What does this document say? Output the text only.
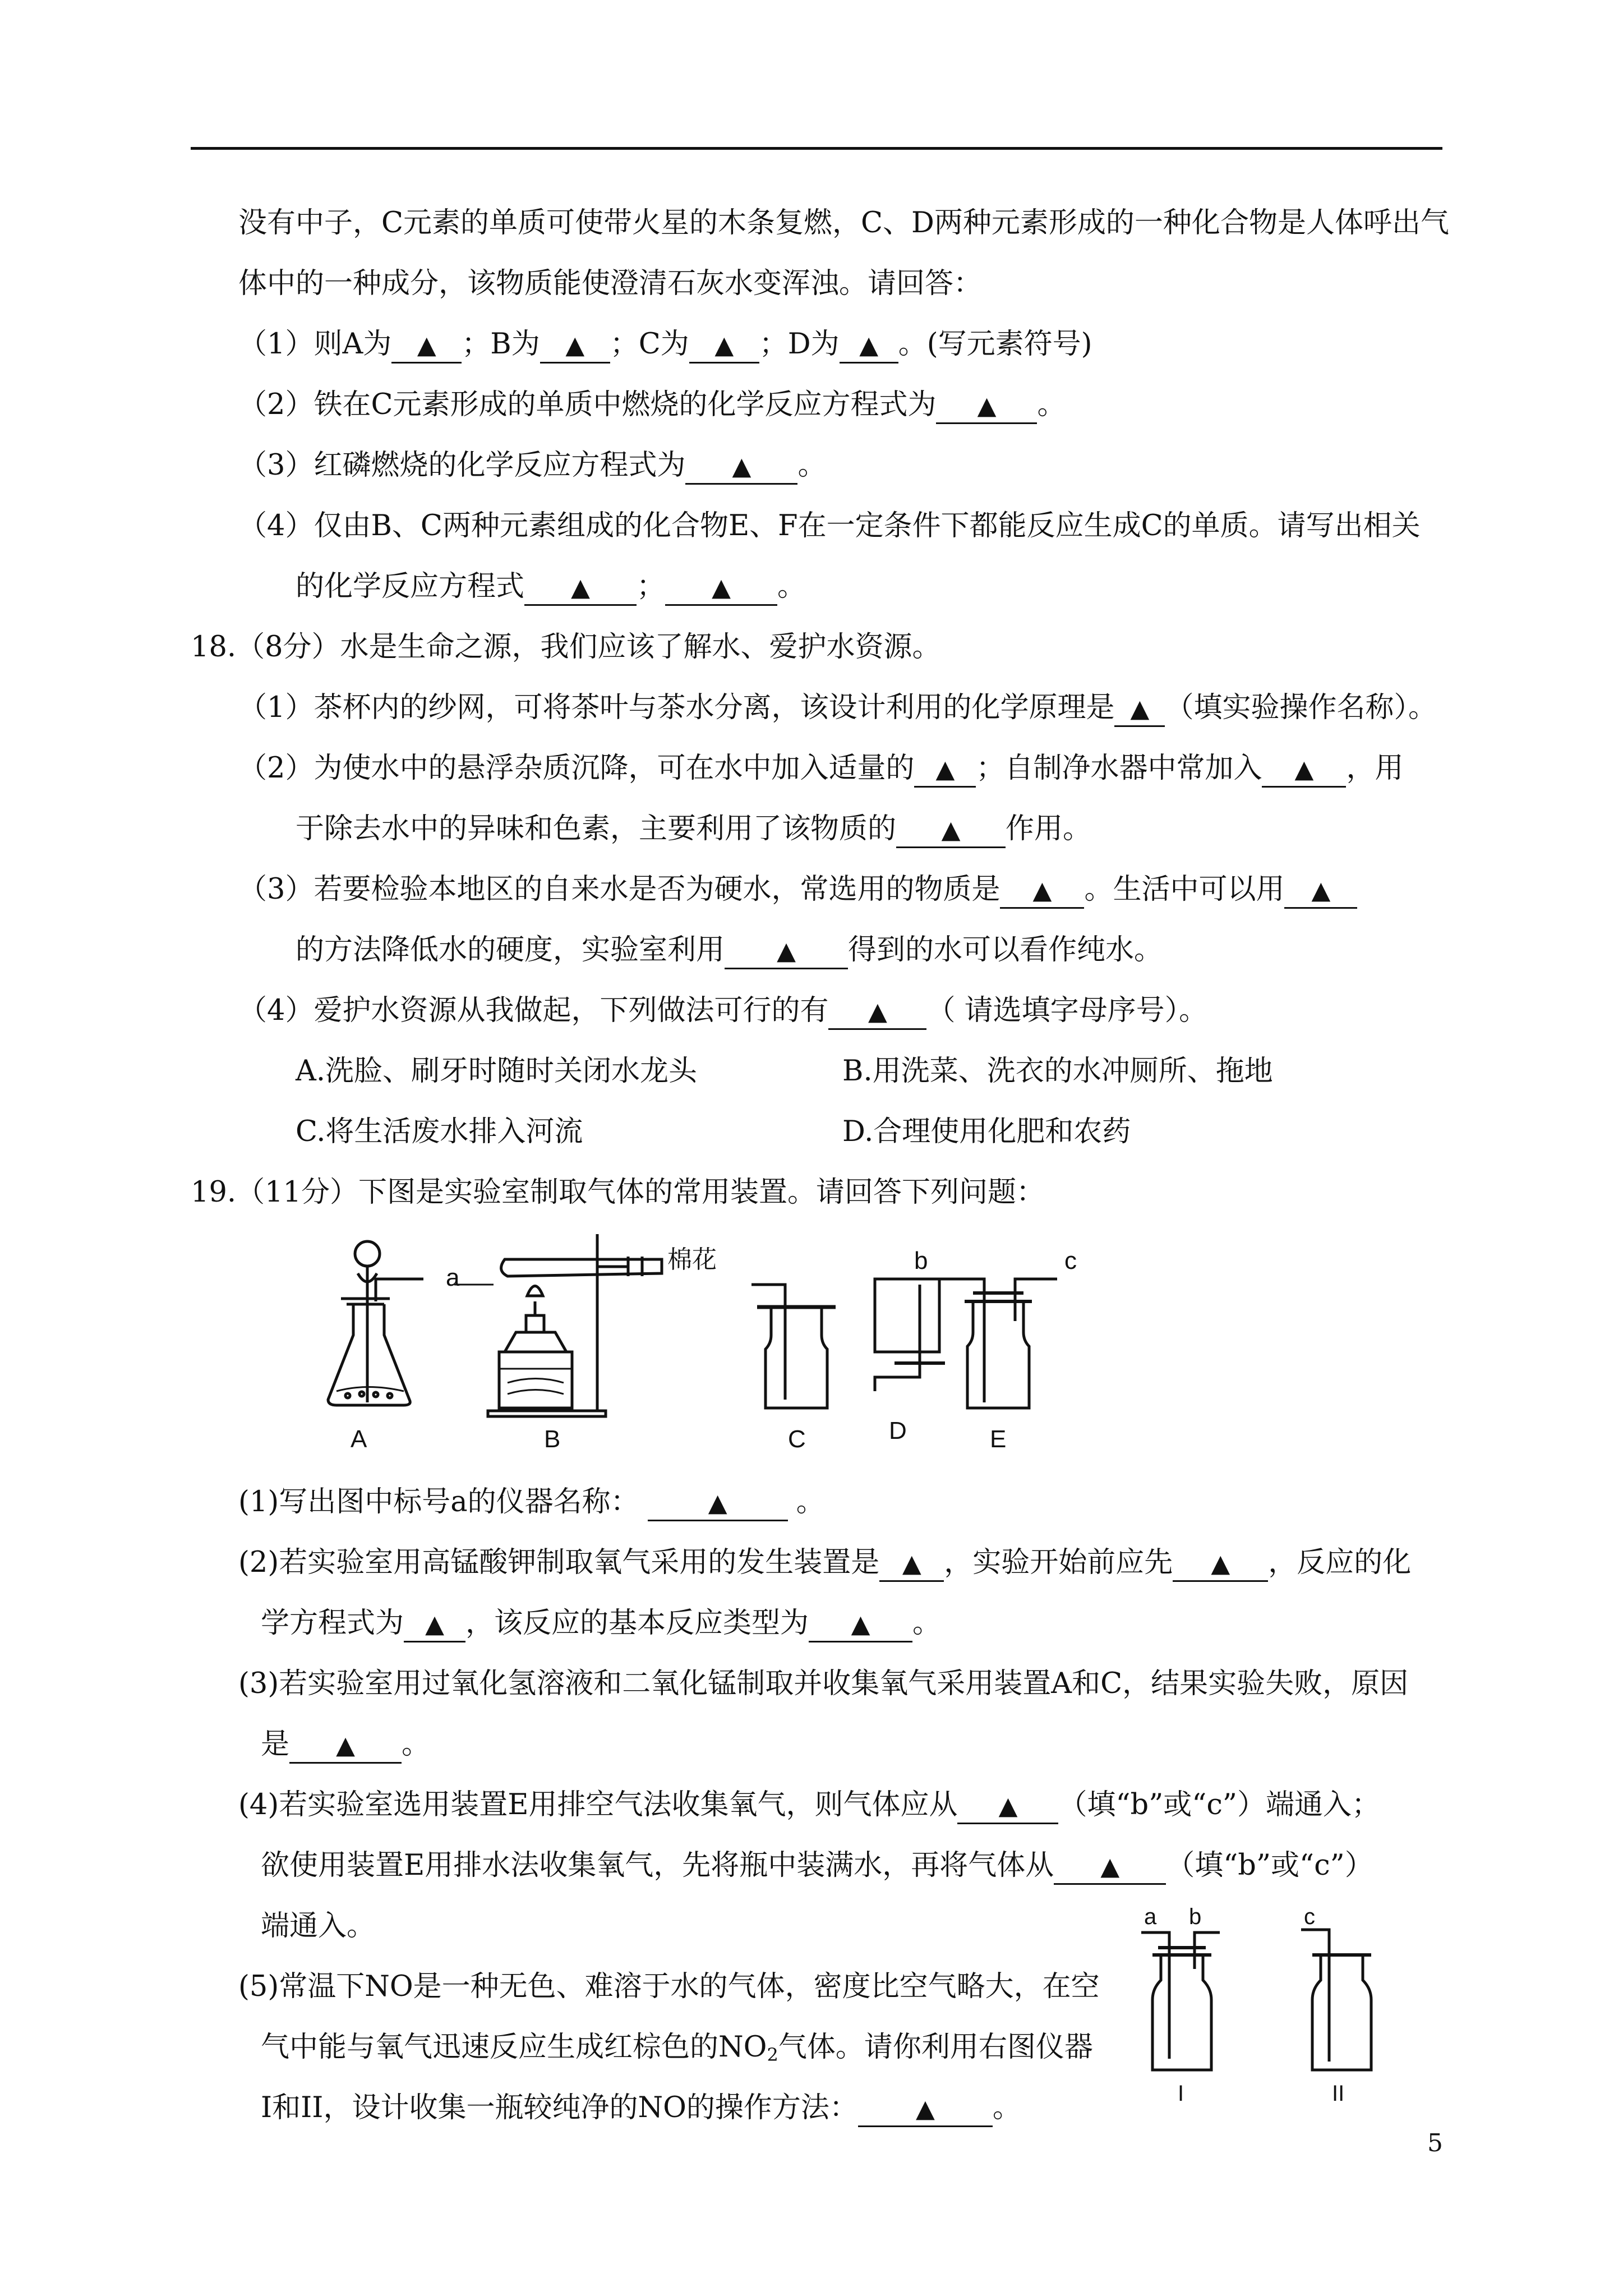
没有中子，C元素的单质可使带火星的木条复燃，C、D两种元素形成的一种化合物是人体呼出气
体中的一种成分，该物质能使澄清石灰水变浑浊。请回答：
（1）则A为 ▲ ；B为 ▲ ；C为 ▲ ；D为 ▲ 。(写元素符号)
（2）铁在C元素形成的单质中燃烧的化学反应方程式为 ▲ 。
（3）红磷燃烧的化学反应方程式为 ▲ 。
（4）仅由B、C两种元素组成的化合物E、F在一定条件下都能反应生成C的单质。请写出相关
的化学反应方程式 ▲ ； ▲ 。
18.（8分）水是生命之源，我们应该了解水、爱护水资源。
（1）茶杯内的纱网，可将茶叶与茶水分离，该设计利用的化学原理是 ▲ （填实验操作名称）。
（2）为使水中的悬浮杂质沉降，可在水中加入适量的 ▲ ；自制净水器中常加入 ▲ ，用
于除去水中的异味和色素，主要利用了该物质的 ▲ 作用。
（3）若要检验本地区的自来水是否为硬水，常选用的物质是 ▲ 。生活中可以用 ▲
的方法降低水的硬度，实验室利用 ▲ 得到的水可以看作纯水。
（4）爱护水资源从我做起，下列做法可行的有 ▲ （ 请选填字母序号）。
A.洗脸、刷牙时随时关闭水龙头	B.用洗菜、洗衣的水冲厕所、拖地
C.将生活废水排入河流	D.合理使用化肥和农药
19.（11分）下图是实验室制取气体的常用装置。请回答下列问题：
a
棉花	b	c
A	B	C	D	E
(1)写出图中标号a的仪器名称：	▲ 。
(2)若实验室用高锰酸钾制取氧气采用的发生装置是 ▲ ，实验开始前应先 ▲ ，反应的化
学方程式为 ▲ ，该反应的基本反应类型为 ▲ 。
(3)若实验室用过氧化氢溶液和二氧化锰制取并收集氧气采用装置A和C，结果实验失败，原因
是 ▲ 。
(4)若实验室选用装置E用排空气法收集氧气，则气体应从 ▲ （填“b”或“c”）端通入；
欲使用装置E用排水法收集氧气，先将瓶中装满水，再将气体从 ▲ （填“b”或“c”）
端通入。
(5)常温下NO是一种无色、难溶于水的气体，密度比空气略大，在空
气中能与氧气迅速反应生成红棕色的$NO_2$气体。请你利用右图仪器
I和II，设计收集一瓶较纯净的NO的操作方法： ▲ 。
a b	c
I	II
5
